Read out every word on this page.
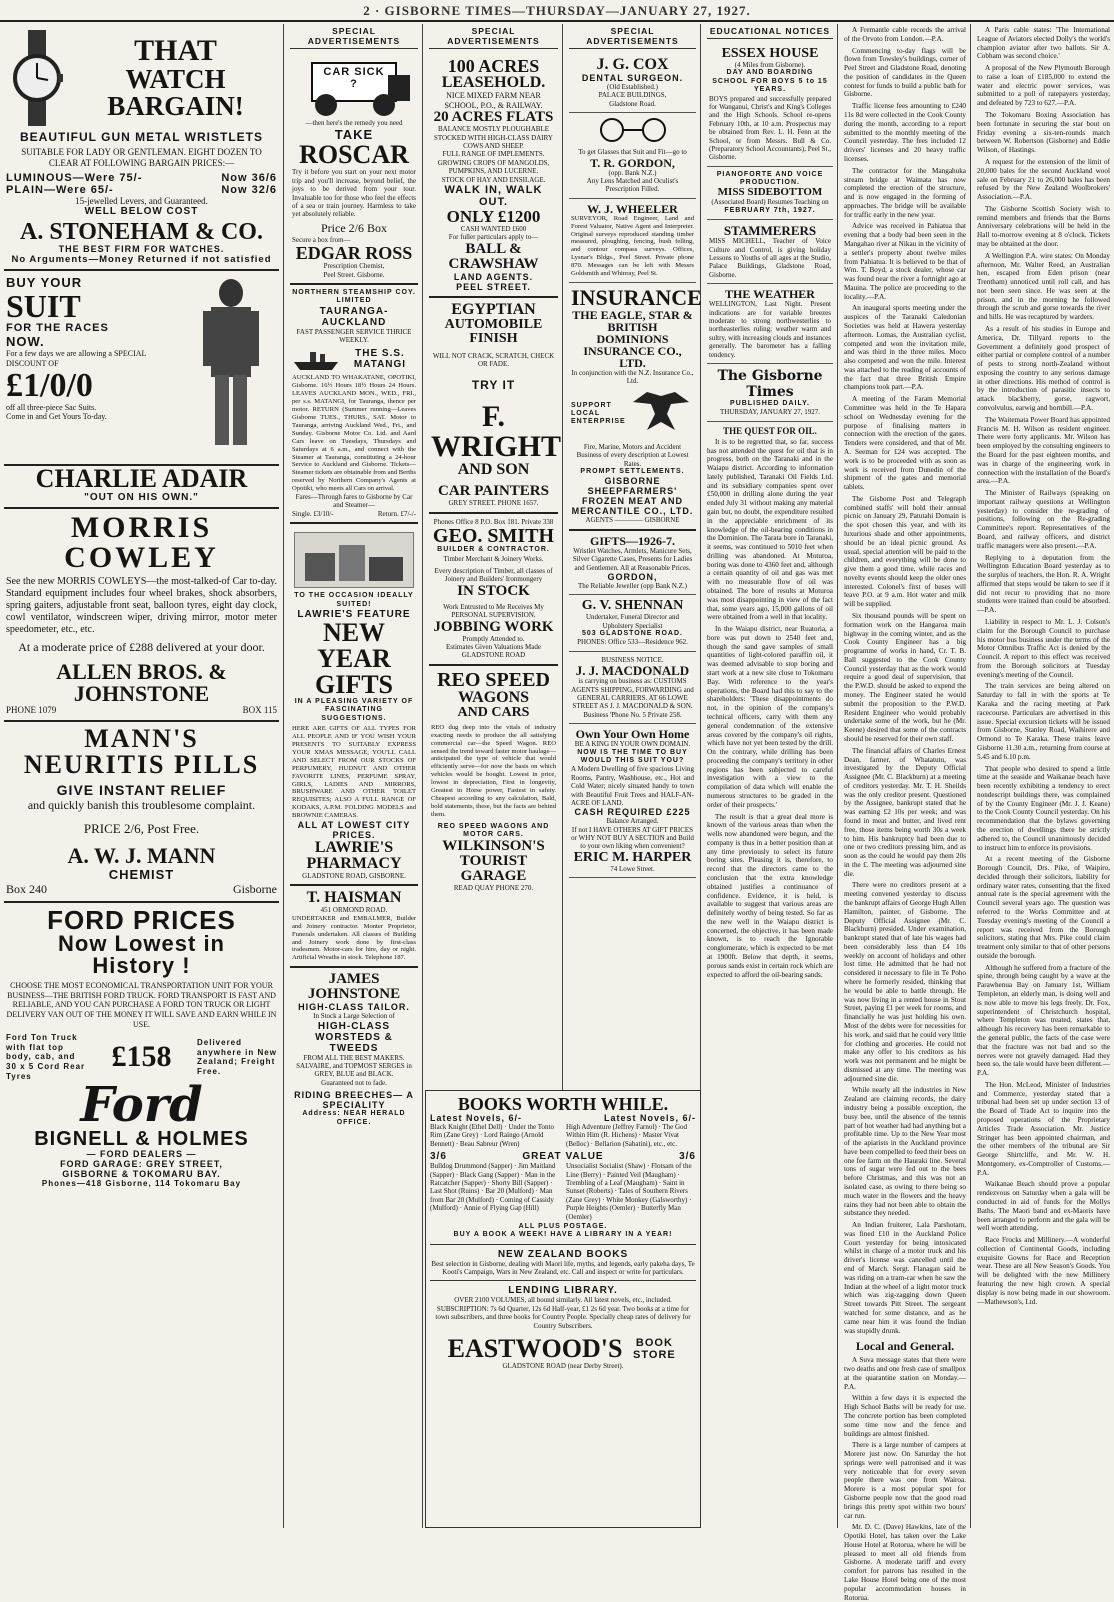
2 · GISBORNE TIMES—THURSDAY—JANUARY 27, 1927.
THAT
WATCH BARGAIN!
BEAUTIFUL GUN METAL WRISTLETS
SUITABLE FOR LADY OR GENTLEMAN. EIGHT DOZEN TO CLEAR AT FOLLOWING BARGAIN PRICES:—
LUMINOUS—Were 75/-	Now 36/6
PLAIN—Were 65/-	Now 32/6
15-jewelled Levers, and Guaranteed.
WELL BELOW COST
A. STONEHAM & CO.
THE BEST FIRM FOR WATCHES.
No Arguments—Money Returned if not satisfied
BUY YOUR
SUIT
FOR THE RACES
NOW.
For a few days we are allowing a SPECIAL DISCOUNT OF
£1/0/0
off all three-piece Sac Suits.
Come in and Get Yours To-day.
CHARLIE ADAIR
"OUT ON HIS OWN."
MORRIS COWLEY
See the new MORRIS COWLEYS—the most-talked-of Car to-day. Standard equipment includes four wheel brakes, shock absorbers, spring gaiters, adjustable front seat, balloon tyres, eight day clock, cowl ventilator, windscreen wiper, driving mirror, motor meter speedometer, etc., etc.
At a moderate price of £288 delivered at your door.
ALLEN BROS. & JOHNSTONE
PHONE 1079	BOX 115
MANN'S
NEURITIS PILLS
GIVE INSTANT RELIEF
and quickly banish this troublesome complaint.
PRICE 2/6, Post Free.
A. W. J. MANN
CHEMIST
Box 240	Gisborne
FORD PRICES
Now Lowest in
History !
CHOOSE THE MOST ECONOMICAL TRANSPORTATION UNIT FOR YOUR BUSINESS—THE BRITISH FORD TRUCK. FORD TRANSPORT IS FAST AND RELIABLE, AND YOU CAN PURCHASE A FORD TON TRUCK OR LIGHT DELIVERY VAN OUT OF THE MONEY IT WILL SAVE AND EARN WHILE IN USE.
Ford Ton Truck with flat top body, cab, and 30 x 5 Cord Rear Tyres
£158	Delivered anywhere in New Zealand; Freight Free.
Ford
BIGNELL & HOLMES
— FORD DEALERS —
FORD GARAGE: GREY STREET,
GISBORNE & TOKOMARU BAY.
Phones—418 Gisborne, 114 Tokomaru Bay
SPECIAL ADVERTISEMENTS
CAR SICK ?
—then here's the remedy you need
TAKE
ROSCAR
Try it before you start on your next motor trip and you'll increase, beyond belief, the joys to be derived from your tour. Invaluable too for those who feel the effects of a sea or train journey. Harmless to take yet absolutely reliable.
Price 2/6 Box
Secure a box from—
EDGAR ROSS
Prescription Chemist,
Peel Street. Gisborne.
NORTHERN STEAMSHIP COY. LIMITED
TAURANGA-AUCKLAND
FAST PASSENGER SERVICE THRICE WEEKLY.
THE S.S. MATANGI
AUCKLAND TO WHAKATANE, OPOTIKI, Gisborne. 16½ Hours 18½ Hours 24 Hours. LEAVES AUCKLAND MON., WED., FRI., per s.s. MATANGI, for Tauranga, thence per motor. RETURN (Summer running—Leaves Gisborne TUES., THURS., SAT. Motor to Tauranga, arriving Auckland Wed., Fri., and Sunday. Gisborne Motor Co. Ltd. and Aard Cars leave on Tuesdays, Thursdays and Saturdays at 6 a.m., and connect with the Steamer at Tauranga, constituting a 24-hour Service to Auckland and Gisborne. Tickets—Steamer tickets are obtainable from and Berths reserved by Northern Company's Agents at Opotiki, who meets all Cars on arrival.
Fares—Through fares to Gisborne by Car and Steamer—
Single. £3/10/-	Return. £7/-/-
TO THE OCCASION IDEALLY SUITED!
LAWRIE'S FEATURE
NEW YEAR GIFTS
IN A PLEASING VARIETY OF FASCINATING SUGGESTIONS.
HERE ARE GIFTS OF ALL TYPES FOR ALL PEOPLE AND IF YOU WISH YOUR PRESENTS TO SUITABLY EXPRESS YOUR XMAS MESSAGE, YOU'LL CALL AND SELECT FROM OUR STOCKS OF PERFUMERY, HUDNUT AND OTHER FAVORITE LINES, PERFUME SPRAY, GIRLS, LADIES AND MIRRORS, BRUSHWARE AND OTHER TOILET REQUISITES; ALSO A FULL RANGE OF KODAKS, A.P.M. FOLDING MODELS and BROWNIE CAMERAS.
ALL AT LOWEST CITY PRICES.
LAWRIE'S PHARMACY
GLADSTONE ROAD, GISBORNE.
T. HAISMAN
451 ORMOND ROAD.
UNDERTAKER and EMBALMER, Builder and Joinery contractor. Monter Proprietor, Funerals undertaken. All classes of Building and Joinery work done by first-class tradesmen. Motor-cars for hire, day or night. Artificial Wreaths in stock. Telephone 187.
JAMES JOHNSTONE
HIGH-CLASS TAILOR.
In Stock a Large Selection of
HIGH-CLASS WORSTEDS & TWEEDS
FROM ALL THE BEST MAKERS.
SALVAIRE, and TOPMOST SERGES in GREY, BLUE and BLACK.
Guaranteed not to fade.
RIDING BREECHES— A SPECIALITY
Address: NEAR HERALD OFFICE.
SPECIAL ADVERTISEMENTS
100 ACRES
LEASEHOLD.
NICE MIXED FARM NEAR SCHOOL, P.O., & RAILWAY.
20 ACRES FLATS
BALANCE MOSTLY PLOUGHABLE STOCKED WITH HIGH-CLASS DAIRY COWS AND SHEEP.
FULL RANGE OF IMPLEMENTS.
GROWING CROPS OF MANGOLDS, PUMPKINS, AND LUCERNE.
STOCK OF HAY AND ENSILAGE.
WALK IN, WALK OUT.
ONLY £1200
CASH WANTED £600
For fuller particulars apply to—
BALL & CRAWSHAW
LAND AGENTS.
PEEL STREET.
EGYPTIAN
AUTOMOBILE FINISH
WILL NOT CRACK, SCRATCH, CHECK OR FADE.
TRY IT
F. WRIGHT
AND SON
CAR PAINTERS
GREY STREET. PHONE 1657.
Phones Office 8 P.O. Box 181. Private 338
GEO. SMITH
BUILDER & CONTRACTOR.
Timber Merchant & Joinery Works.
Every description of Timber, all classes of Joinery and Builders' Ironmongery
IN STOCK
Work Entrusted to Me Receives My PERSONAL SUPERVISION.
JOBBING WORK
Promptly Attended to.
Estimates Given Valuations Made GLADSTONE ROAD
REO SPEED
WAGONS
AND CARS
REO dug deep into the vitals of industry exacting needs to produce the all satisfying commercial car—the Speed Wagon. REO sensed the trend toward faster motor haulage—anticipated the type of vehicle that would efficiently serve—for now the basis on which vehicles would be bought. Lowest in price, lowest in depreciation, First in longevity, Greatest in Horse power, Fastest in safety. Cheapest according to any calculation, Bald, bold statements, these, but the facts are behind them.
REO SPEED WAGONS AND MOTOR CARS.
WILKINSON'S
TOURIST GARAGE
READ QUAY PHONE 270.
SPECIAL ADVERTISEMENTS
J. G. COX
DENTAL SURGEON.
(Old Established.)
PALACE BUILDINGS,
Gladstone Road.
To get Glasses that Suit and Fit—go to
T. R. GORDON,
(opp. Bank N.Z.)
Any Lens Matched and Oculist's Prescription Filled.
W. J. WHEELER
SURVEYOR, Road Engineer, Land and Forest Valuator, Native Agent and Interpreter. Original surveys reproduced standing timber measured, ploughing, fencing, bush felling, and contour compass surveys. Offices, Lysnar's Bldgs., Peel Street. Private phone 870. Messages can be left with Messrs Goldsmith and Whinray, Peel St.
INSURANCE
THE EAGLE, STAR & BRITISH DOMINIONS INSURANCE CO., LTD.
In conjunction with the N.Z. Insurance Co., Ltd.
SUPPORT LOCAL ENTERPRISE
Fire, Marine, Motors and Accident Business of every description at Lowest Rates.
PROMPT SETTLEMENTS.
GISBORNE SHEEPFARMERS' FROZEN MEAT AND MERCANTILE CO., LTD.
AGENTS ———— GISBORNE
GIFTS—1926-7.
Wristlet Watches, Armlets, Manicure Sets, Silver Cigarette Cases, Presents for Ladies and Gentlemen. All at Reasonable Prices.
GORDON,
The Reliable Jeweller (opp Bank N.Z.)
G. V. SHENNAN
Undertaker, Funeral Director and Upholstery Specialist
503 GLADSTONE ROAD.
PHONES: Office 533—Residence 962.
BUSINESS NOTICE.
J. J. MACDONALD
is carrying on business as: CUSTOMS AGENTS SHIPPING, FORWARDING and GENERAL CARRIERS. AT 66 LOWE STREET AS J. J. MACDONALD & SON.
Business 'Phone No. 5 Private 258.
Own Your Own Home
BE A KING IN YOUR OWN DOMAIN.
NOW IS THE TIME TO BUY WOULD THIS SUIT YOU?
A Modern Dwelling of five spacious Living Rooms, Pantry, Washhouse, etc., Hot and Cold Water; nicely situated handy to town with Beautiful Fruit Trees and HALF-AN-ACRE OF LAND.
CASH REQUIRED £225
Balance Arranged.
If not I HAVE OTHERS AT GIFT PRICES or WHY NOT BUY A SECTION and Build to your own liking when convenient?
ERIC M. HARPER
74 Lowe Street.
BOOKS WORTH WHILE.
Latest Novels, 6/-	Latest Novels, 6/-
Black Knight (Ethel Dell) · Under the Tonto Rim (Zane Grey) · Lord Raingo (Arnold Bennett) · Beau Sabreur (Wren)
High Adventure (Jeffrey Farnol) · The God Within Him (R. Hichens) · Master Vivat (Belloc) · Bellarion (Sabatini), etc., etc.
3/6	GREAT VALUE	3/6
Bulldog Drummond (Sapper) · Jim Maitland (Sapper) · Black Gang (Sapper) · Man in the Ratcatcher (Sapper) · Shorty Bill (Sapper) · Last Shot (Ruins) · Bar 20 (Mulford) · Man from Bar 20 (Mulford) · Coming of Cassidy (Mulford) · Annie of Flying Gap (Hill)
Unsocialist Socialist (Shaw) · Flotsam of the Line (Berry) · Painted Veil (Maugham) · Trembling of a Leaf (Maugham) · Saint in Sunset (Roberts) · Tales of Southern Rivers (Zane Grey) · White Monkey (Galsworthy) · Purple Heights (Oemler) · Butterfly Man (Oemler)
ALL PLUS POSTAGE.
BUY A BOOK A WEEK! HAVE A LIBRARY IN A YEAR!
NEW ZEALAND BOOKS
Best selection in Gisborne, dealing with Maori life, myths, and legends, early pakeha days, Te Kooti's Campaign, Wars in New Zealand, etc. Call and inspect or write for particulars.
LENDING LIBRARY.
OVER 2100 VOLUMES, all bound similarly. All latest novels, etc., included. SUBSCRIPTION: 7s 6d Quarter, 12s 6d Half-year, £1 2s 6d year. Two books at a time for town subscribers, and three books for Country People. Specially cheap rates of delivery for Country Subscribers.
EASTWOOD'S	BOOK STORE
GLADSTONE ROAD (near Derby Street).
EDUCATIONAL NOTICES
ESSEX HOUSE
(4 Miles from Gisborne).
DAY AND BOARDING SCHOOL FOR BOYS 5 to 15 YEARS.
BOYS prepared and successfully prepared for Wanganui, Christ's and King's Colleges and the High Schools. School re-opens February 10th, at 10 a.m. Prospectus may be obtained from Rev. L. H. Fenn at the School, or from Messrs. Bull & Co. (Preparatory School Accountants), Peel St., Gisborne.
PIANOFORTE AND VOICE PRODUCTION.
MISS SIDEBOTTOM
(Associated Board) Resumes Teaching on
FEBRUARY 7th, 1927.
STAMMERERS
MISS MICHELL, Teacher of Voice Culture and Control, is giving holiday Lessons to Youths of all ages at the Studio, Palace Buildings, Gladstone Road, Gisborne.
THE WEATHER
WELLINGTON, Last Night. Present indications are for variable breezes moderate to strong northwesterlies to northeasterlies ruling; weather warm and sultry, with increasing clouds and instances generally. The barometer has a falling tendency.
The Gisborne Times
PUBLISHED DAILY.
THURSDAY, JANUARY 27, 1927.
THE QUEST FOR OIL.

It is to be regretted that, so far, success has not attended the quest for oil that is in progress, both on the Taranaki and in the Waiapu district. According to information lately published, Taranaki Oil Fields Ltd. and its subsidiary companies spent over £50,000 in drilling alone during the year ended July 31 without making any material gain but, no doubt, the expenditure resulted in the appreciable enrichment of its knowledge of the oil-bearing conditions in the Dominion. The Tarata bore in Taranaki, it seems, was continued to 5010 feet when drilling was abandoned. At Moturoa, boring was done to 4360 feet and, although a certain quantity of oil and gas was met with no measurable flow of oil was obtained. The bore of results at Moturoa was most disappointing in view of the fact that, some years ago, 15,000 gallons of oil were obtained from a well in that locality.

In the Waiapu district, near Ruatoria, a bore was put down to 2540 feet and, though the sand gave samples of small quantities of light-colored paraffin oil, it was deemed advisable to stop boring and start work at a new site close to Tokomaru Bay. With reference to the year's operations, the Board had this to say to the shareholders: 'These disappointments do not, in the opinion of the company's technical officers, carry with them any general condemnation of the extensive areas covered by the company's oil rights, which have not yet been tested by the drill. On the contrary, while drilling has been proceeding the company's territory in other regions has been subjected to careful investigation with a view to the compilation of data which will enable the numerous structures to be graded in the order of their prospects.'

The result is that a great deal more is known of the various areas than when the wells now abandoned were begun, and the company is thus in a better position than at any time previously to select its future boring sites. Pleasing it is, therefore, to record that the directors came to the conclusion that the extra knowledge obtained justifies a continuance of confidence. Evidence, it is held, is available to suggest that various areas are definitely worthy of being tested. So far as the new well in the Waiapu district is concerned, the objective, it has been made known, is to reach the Ignorable conglomerate, which is expected to be met at 1900ft. Below that depth, it seems, porous sands exist in certain rock which are expected to afford the oil-bearing sands.

A Fremantle cable records the arrival of the Orvoto from London.—P.A.

Commencing to-day flags will be flown from Towsley's buildings, corner of Peel Street and Gladstone Road, denoting the position of candidates in the Queen contest for funds to build a public bath for Gisborne.

Traffic license fees amounting to £240 11s 8d were collected in the Cook County during the month, according to a report submitted to the monthly meeting of the Council yesterday. The fees included 12 drivers' licenses and 20 heavy traffic licenses.

The contractor for the Mangahuka stream bridge at Waimata has now completed the erection of the structure, and is now engaged in the forming of approaches. The bridge will be available for traffic early in the new year.

Advice was received in Pahiatua that evening that a body had been seen in the Mangahao river at Nikau in the vicinity of a settler's property about twelve miles from Pahiatua. It is believed to be that of Wm. T. Boyd, a stock dealer, whose car was found near the river a fortnight ago at Mauina. The police are proceeding to the locality.—P.A.

An inaugural sports meeting under the auspices of the Taranaki Caledonian Societies was held at Hawera yesterday afternoon. Lomas, the Australian cyclist, competed and won the invitation mile, and was third in the three miles. Moco also competed and won the mile. Interest was attached to the reading of accounts of the fact that three British Empire champions took part.—P.A.

A meeting of the Faram Memorial Committee was held in the Te Hapara school on Wednesday evening for the purpose of finalising matters in connection with the erection of the gates. Tenders were considered, and that of Mr. A. Seeman for £24 was accepted. The work is to be proceeded with as soon as work is received from Dunedin of the shipment of the gates and memorial tablets.

The Gisborne Post and Telegraph combined staffs' will hold their annual picnic on January 29, Patutahi Domain is the spot chosen this year, and with its luxurious shade and other appointments, should be an ideal picnic ground. As usual, special attention will be paid to the children, and everything will be done to give them a good time, while races and novelty events should keep the older ones interested. Colonel's first of buses will leave P.O. at 9 a.m. Hot water and milk will be supplied.

Six thousand pounds will be spent on formation work on the Hangaroa main highway in the coming winter, and as the Cook County Engineer has a big programme of works in hand, Cr. T. B. Ball suggested to the Cook County Council yesterday that as the work would require a good deal of supervision, that the P.W.D. should be asked to expend the money. The Engineer stated he would submit the proposition to the P.W.D. Resident Engineer who would probably undertake some of the work, but he (Mr. Keene) desired that some of the contracts should be reserved for their own staff.

The financial affairs of Charles Ernest Dean, farmer, of Whatatutu, was investigated by the Deputy Official Assignee (Mr. C. Blackburn) at a meeting of creditors yesterday. Mr. T. H. Sheilds was the only creditor present. Questioned by the Assignee, bankrupt stated that he was earning £2 10s per week; and was found in meat and butter, and lived rent free, those items being worth 30s a week to him. His bankruptcy had been due to one or two creditors pressing him, and as soon as the could he would pay them 20s in the £. The meeting was adjourned sine die.

There were no creditors present at a meeting convened yesterday to discuss the bankrupt affairs of George Hugh Allen Hamilton, painter, of Gisborne. The Deputy Official Assignee (Mr. C. Blackburn) presided. Under examination, bankrupt stated that of late his wages had been considerably less than £4 10s weekly on account of holidays and other lost time. He admitted that he had not considered it necessary to file in Te Poho where he formerly resided, thinking that he would be able to battle through. He was now living in a rented house in Stout Street, paying £1 per week for rooms, and financially he was just holding his own. Most of the debts were for necessities for his work, and said that he could very little for clothing and groceries. He could not make any offer to his creditors as his work was not permanent and he might be dismissed at any time. The meeting was adjourned sine die.

While nearly all the industries in New Zealand are claiming records, the dairy industry being a possible exception, the busy bee, until the absence of the tennis part of hot weather had had anything but a profitable time. Up to the New Year most of the apiarists in the Auckland province have been compelled to feed their bees on one fee farm on the Hauraki line. Several tons of sugar were fed out to the bees before Christmas, and this was not an isolated case, as owing to there being so much water in the flowers and the heavy rains they had not been able to obtain the substance they needed.

An Indian fruiterer, Lala Parshotam, was fined £10 in the Auckland Police Court yesterday for being intoxicated whilst in charge of a motor truck and his driver's license was cancelled until the end of March. Sergt. Flanagan said he was riding on a tram-car when he saw the Indian at the wheel of a light motor truck which was zig-zagging down Queen Street towards Pitt Street. The sergeant watched for some distance, and as he came near him it was found the Indian was stupidly drunk.

Local and General.

A Suva message states that there were two deaths and one fresh case of smallpox at the quarantine station on Monday.—P.A.

Within a few days it is expected the High School Baths will be ready for use. The concrete portion has been completed some time now and the fence and buildings are almost finished.

There is a large number of campers at Morere just now. On Saturday the hot springs were well patronised and it was very noticeable that for every seven people there was one from Wairoa. Morere is a most popular spot for Gisborne people now that the good road brings this pretty spot within two hours' car run.

Mr. D. C. (Dave) Hawkins, late of the Opotiki Hotel, has taken over the Lake House Hotel at Rotorua, where he will be pleased to meet all old friends from Gisborne. A moderate tariff and every comfort for patrons has resulted in the Lake House Hotel being one of the most popular accommodation houses in Rotorua.

A Paris cable states: 'The International League of Aviators elected Dolly's the world's champion aviator after two ballots. Sir A. Cobham was second choice.'

A proposal of the New Plymouth Borough to raise a loan of £185,000 to extend the water and electric power services, was submitted to a poll of ratepayers yesterday, and defeated by 723 to 627.—P.A.

The Tokomaru Boxing Association has been fortunate in securing the star bout on Friday evening a six-ten-rounds match between W. Robertson (Gisborne) and Eddie Wilson, of Hastings.

A request for the extension of the limit of 20,000 bales for the second Auckland wool sale on February 21 to 26,000 bales has been refused by the New Zealand Woolbrokers' Association.—P.A.

The Gisborne Scottish Society wish to remind members and friends that the Burns Anniversary celebrations will be held in the Hall to-morrow evening at 8 o'clock. Tickets may be obtained at the door.

A Wellington P.A. wire states: On Monday afternoon, Mr. Walter Reed, an Australian hen, escaped from Eden prison (near Trentham) unnoticed until roll call, and has not been seen since. He was seen at the prison, and in the morning he followed through the scrub and gorse towards the river and hills. He was recaptured by warders.

As a result of his studies in Europe and America, Dr. Tillyard reports to the Government a definitely good prospect of either partial or complete control of a number of pests to strong north-Zealand without exposing the country to any serious damage in other directions. His method of control is by the introduction of parasitic insects to attack blackberry, gorse, ragwort, convolvulus, earwig and hornbill.—P.A.

The Waitemata Power Board has appointed Francis M. H. Wilson as resident engineer. There were forty applicants. Mr. Wilson has been employed by the consulting engineers to the Board for the past eighteen months, and was in charge of the engineering work in connection with the installation of the Board's area.—P.A.

The Minister of Railways (speaking on important railway questions at Wellington yesterday) to consider the re-grading of positions, following on the Re-grading Committee's report. Representatives of the Board, and railway officers, and district traffic managers were also present.—P.A.

Replying to a deputation from the Wellington Education Board yesterday as to the surplus of teachers, the Hon. R. A. Wright affirmed that steps would be taken to see if it did not recur to providing that no more students were trained than could be absorbed.—P.A.

Liability in respect to Mr. L. J. Colson's claim for the Borough Council to purchase his motor bus business under the terms of the Motor Omnibus Traffic Act is denied by the Council. A report to this effect was received from the Borough solicitors at Tuesday evening's meeting of the Council.

The train services are being altered on Saturday to fall in with the sports at Te Karaka and the racing meeting at Park racecourse. Particulars are advertised in this issue. Special excursion tickets will be issued from Gisborne, Stanley Road, Waihirere and Ormond to Te Karaka. These trains leave Gisborne 11.30 a.m., returning from course at 5.45 and 6.10 p.m.

That people who desired to spend a little time at the seaside and Waikanae beach have been recently exhibiting a tendency to erect nondescript buildings there, was complained of by the County Engineer (Mr. J. J. Keane) to the Cook County Council yesterday. On his recommendation that the bylaws governing the erection of dwellings there be strictly adhered to, the Council unanimously decided to instruct him to enforce its provisions.

At a recent meeting of the Gisborne Borough Council, Drs. Pike, of Waipiro, decided through their solicitors, liability for ordinary water rates, consenting that the fixed annual rate is the special agreement with the Council several years ago. The question was referred to the Works Committee and at Tuesday evening's meeting of the Council a report was received from the Borough solicitors, stating that Mrs. Pike could claim treatment only similar to that of other persons outside the borough.

Although he suffered from a fracture of the spine, through being caught by a wave at the Parawhenua Bay on January 1st, William Templeton, an elderly man, is doing well and is now able to move his legs freely. Dr. Fox, superintendent of Christchurch hospital, where Templeton was treated, states that, although his recovery has been remarkable to the general public, the facts of the case were that the fracture was not bad and so the nerves were not gravely damaged. Had they been so, the tale would have been different.—P.A.

The Hon. McLeod, Minister of Industries and Commerce, yesterday stated that a tribunal had been set up under section 13 of the Board of Trade Act to inquire into the proposed operations of the Proprietary Articles Trade Association. Mr. Justice Stringer has been appointed chairman, and the other members of the tribunal are Sir George Shirtcliffe, and Mr. W. H. Montgomery, ex-Comptroller of Customs.—P.A.

Waikanae Beach should prove a popular rendezvous on Saturday when a gala will be conducted in aid of funds for the Mollys Baths. The Maori band and ex-Maoris have been arranged to perform and the gala will be well worth attending.

Race Frocks and Millinery.—A wonderful collection of Continental Goods, including exquisite Gowns for Race and Reception wear. These are all New Season's Goods. You will be delighted with the new Millinery featuring the new high crown. A special display is now being made in our showroom.—Mathewson's, Ltd.
